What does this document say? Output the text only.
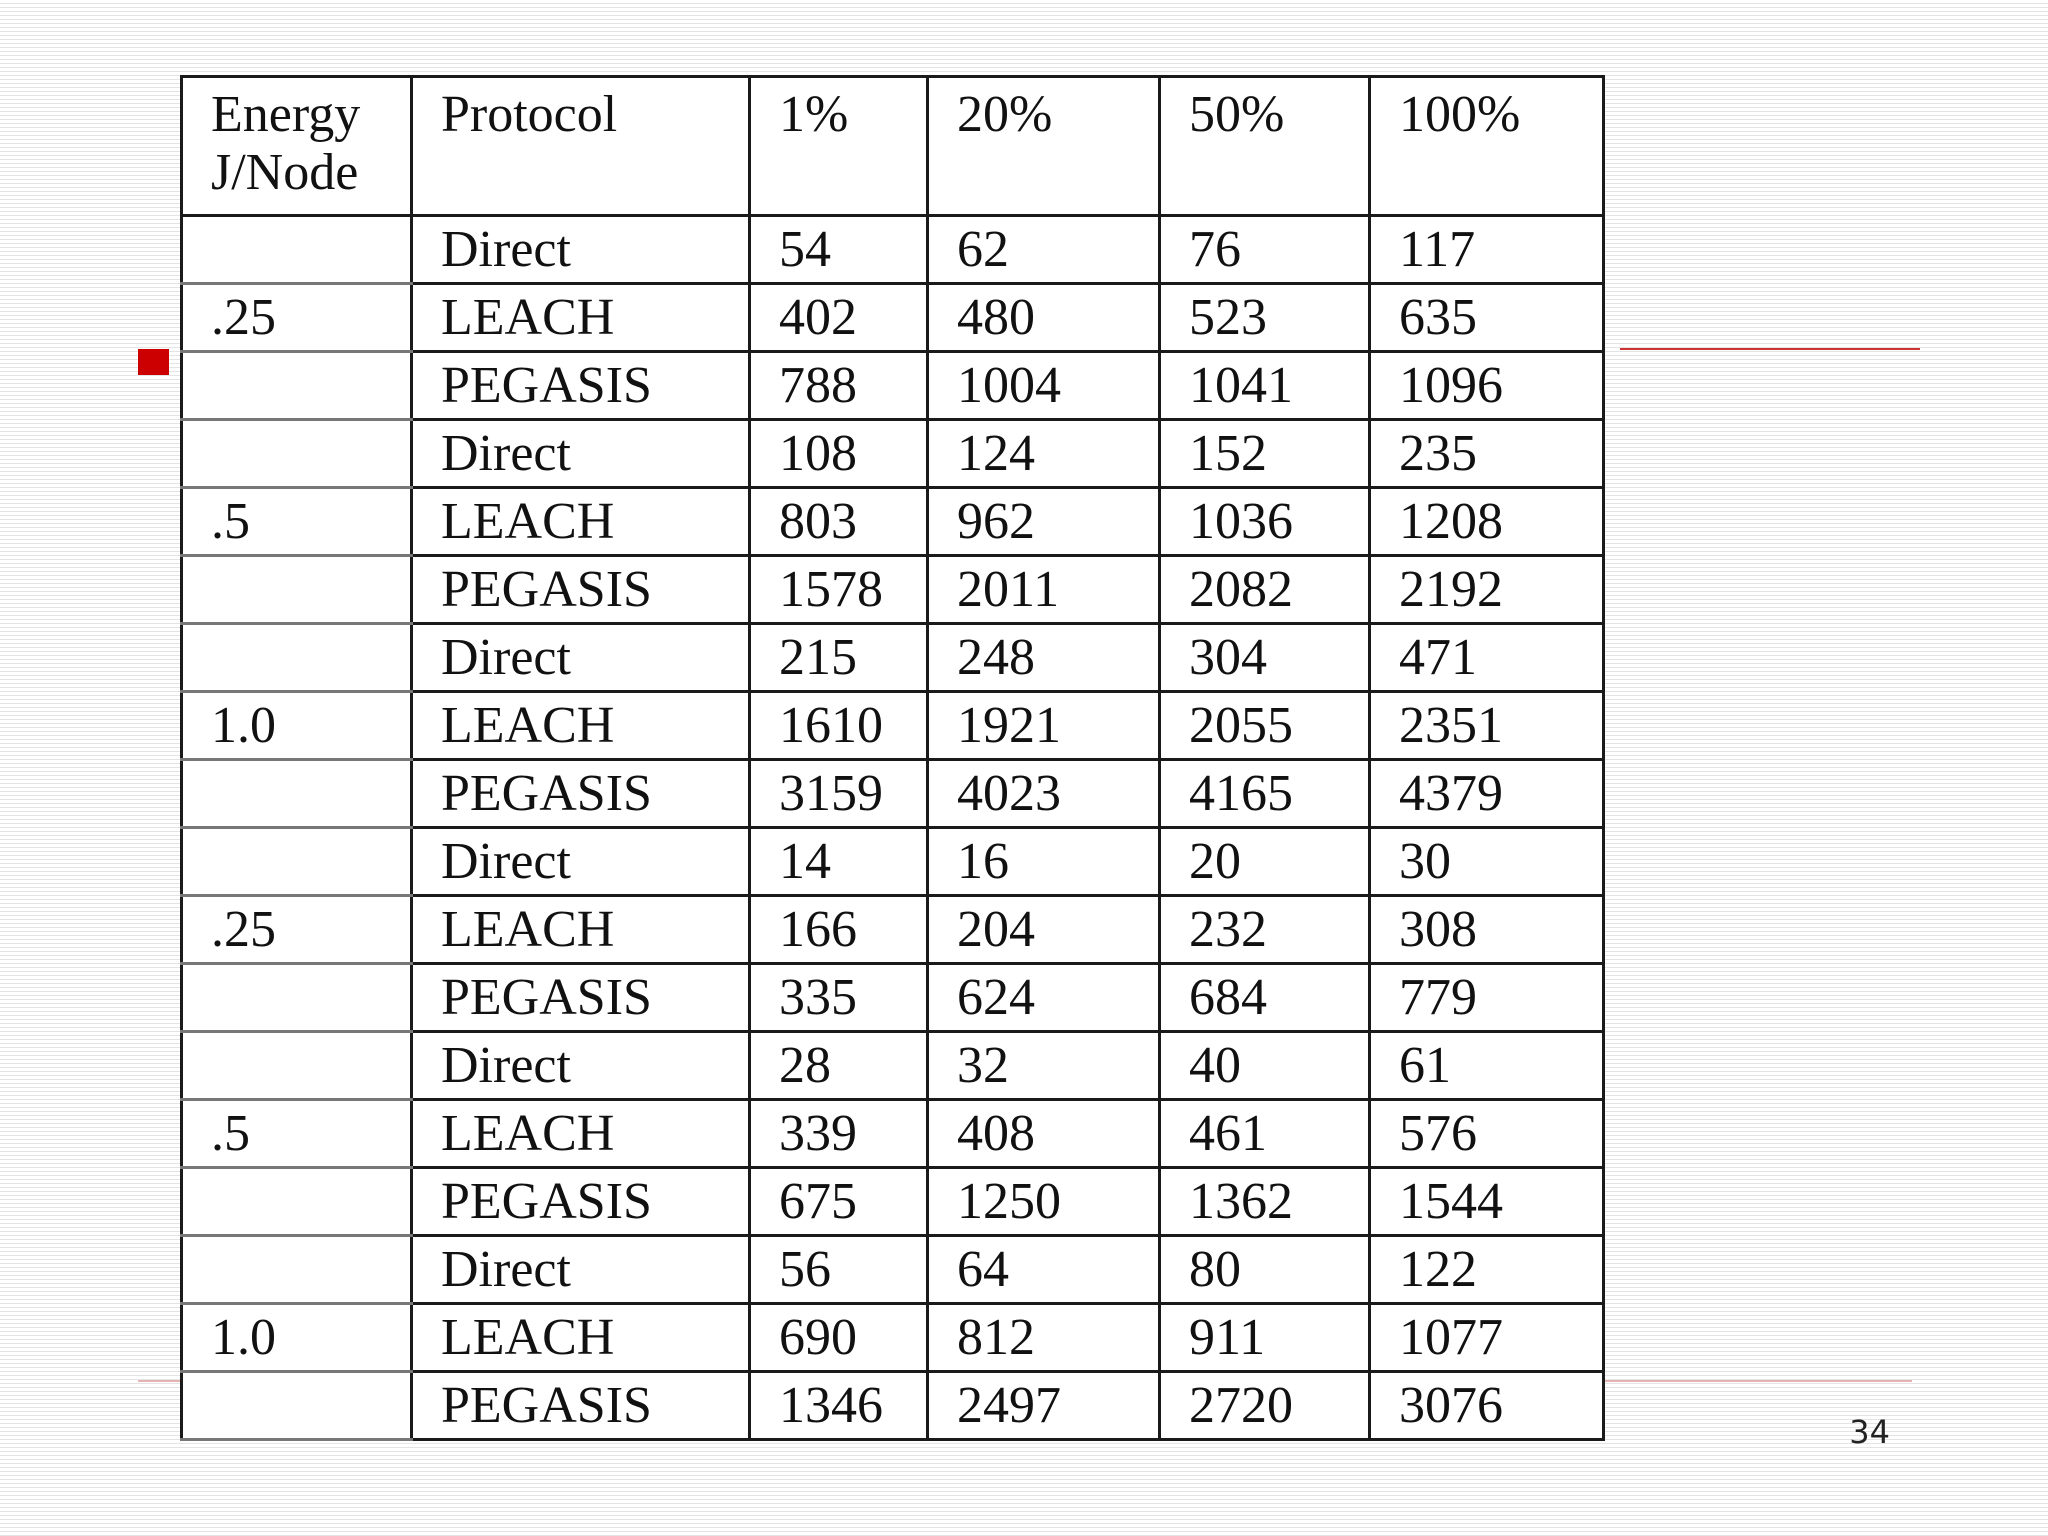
Energy J/Node	Protocol	1%	20%	50%	100%
	Direct	54	62	76	117
.25	LEACH	402	480	523	635
	PEGASIS	788	1004	1041	1096
	Direct	108	124	152	235
.5	LEACH	803	962	1036	1208
	PEGASIS	1578	2011	2082	2192
	Direct	215	248	304	471
1.0	LEACH	1610	1921	2055	2351
	PEGASIS	3159	4023	4165	4379
	Direct	14	16	20	30
.25	LEACH	166	204	232	308
	PEGASIS	335	624	684	779
	Direct	28	32	40	61
.5	LEACH	339	408	461	576
	PEGASIS	675	1250	1362	1544
	Direct	56	64	80	122
1.0	LEACH	690	812	911	1077
	PEGASIS	1346	2497	2720	3076	34
